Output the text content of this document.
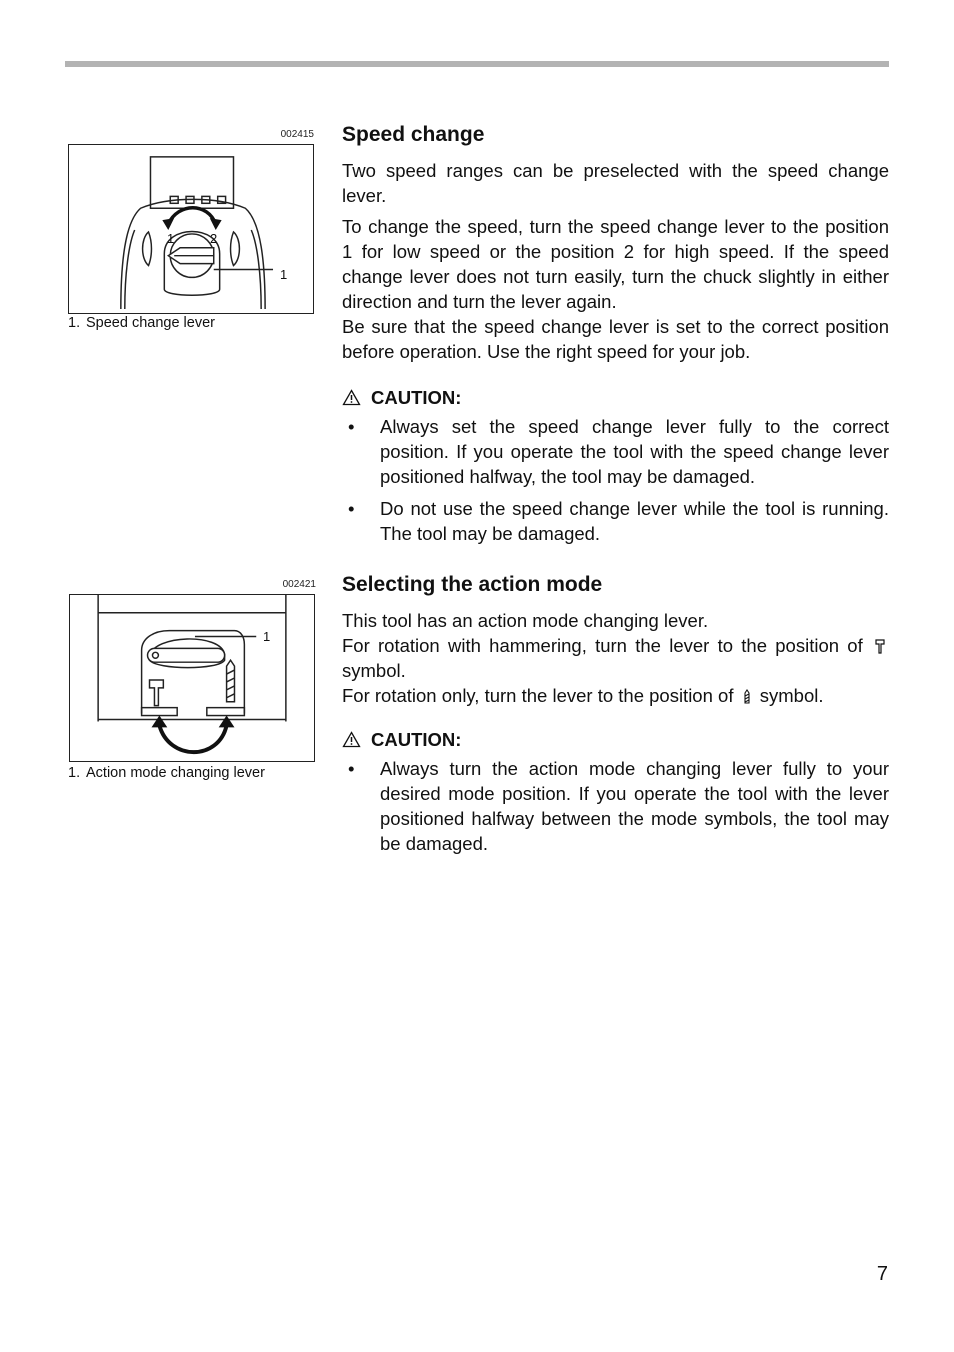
002415
1	2
1
1. Speed change lever
002421
1
1. Action mode changing lever
Speed change

Two speed ranges can be preselected with the speed change lever.

To change the speed, turn the speed change lever to the position 1 for low speed or the position 2 for high speed. If the speed change lever does not turn easily, turn the chuck slightly in either direction and turn the lever again.

Be sure that the speed change lever is set to the correct position before operation. Use the right speed for your job.

CAUTION:
• Always set the speed change lever fully to the correct position. If you operate the tool with the speed change lever positioned halfway, the tool may be damaged.
• Do not use the speed change lever while the tool is running. The tool may be damaged.
Selecting the action mode

This tool has an action mode changing lever.

For rotation with hammering, turn the lever to the position of  symbol.

For rotation only, turn the lever to the position of symbol.

CAUTION:
• Always turn the action mode changing lever fully to your desired mode position. If you operate the tool with the lever positioned halfway between the mode symbols, the tool may be damaged.
7
